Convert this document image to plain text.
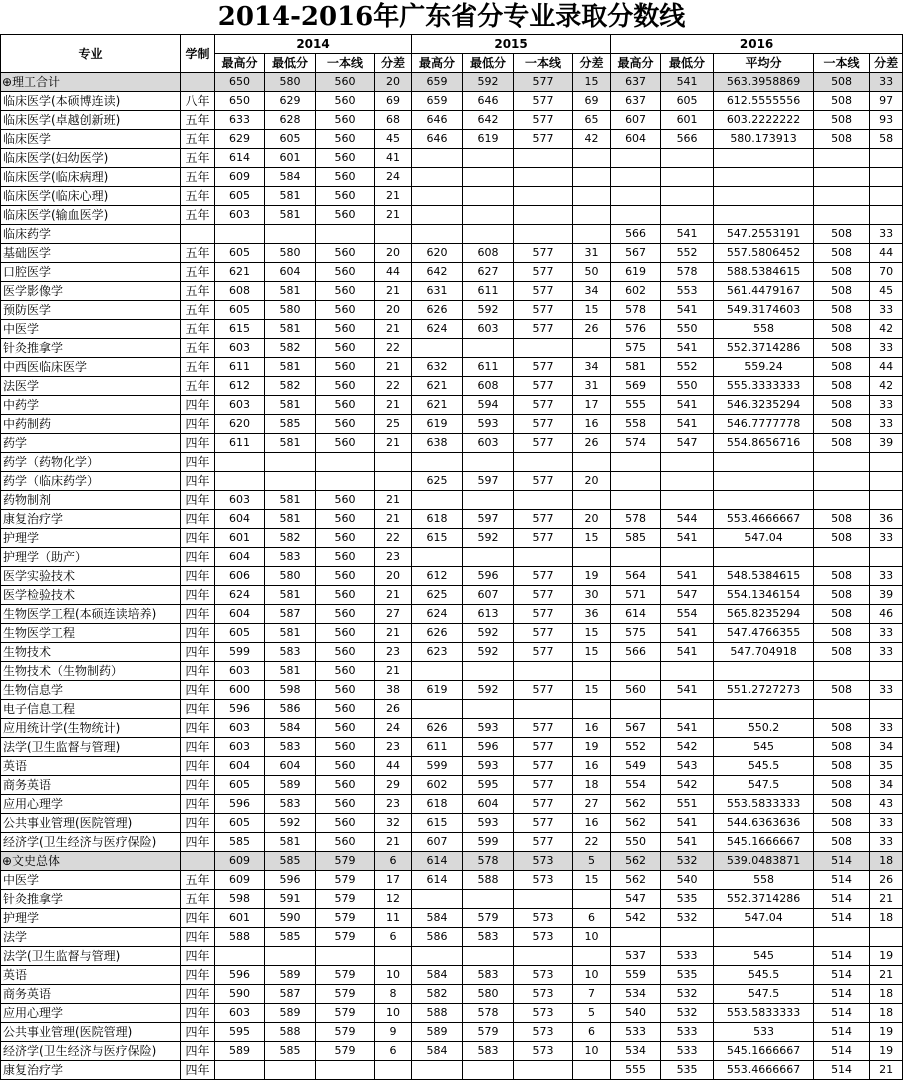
2014-2016年广东省分专业录取分数线
专业	学制	2014				2015				2016				
		最高分	最低分	一本线	分差	最高分	最低分	一本线	分差	最高分	最低分	平均分	一本线	分差
⊕理工合计		650	580	560	20	659	592	577	15	637	541	563.3958869	508	33
临床医学(本硕博连读)	八年	650	629	560	69	659	646	577	69	637	605	612.5555556	508	97
临床医学(卓越创新班)	五年	633	628	560	68	646	642	577	65	607	601	603.2222222	508	93
临床医学	五年	629	605	560	45	646	619	577	42	604	566	580.173913	508	58
临床医学(妇幼医学)	五年	614	601	560	41									
临床医学(临床病理)	五年	609	584	560	24									
临床医学(临床心理)	五年	605	581	560	21									
临床医学(输血医学)	五年	603	581	560	21									
临床药学										566	541	547.2553191	508	33
基础医学	五年	605	580	560	20	620	608	577	31	567	552	557.5806452	508	44
口腔医学	五年	621	604	560	44	642	627	577	50	619	578	588.5384615	508	70
医学影像学	五年	608	581	560	21	631	611	577	34	602	553	561.4479167	508	45
预防医学	五年	605	580	560	20	626	592	577	15	578	541	549.3174603	508	33
中医学	五年	615	581	560	21	624	603	577	26	576	550	558	508	42
针灸推拿学	五年	603	582	560	22					575	541	552.3714286	508	33
中西医临床医学	五年	611	581	560	21	632	611	577	34	581	552	559.24	508	44
法医学	五年	612	582	560	22	621	608	577	31	569	550	555.3333333	508	42
中药学	四年	603	581	560	21	621	594	577	17	555	541	546.3235294	508	33
中药制药	四年	620	585	560	25	619	593	577	16	558	541	546.7777778	508	33
药学	四年	611	581	560	21	638	603	577	26	574	547	554.8656716	508	39
药学（药物化学）	四年													
药学（临床药学）	四年					625	597	577	20					
药物制剂	四年	603	581	560	21									
康复治疗学	四年	604	581	560	21	618	597	577	20	578	544	553.4666667	508	36
护理学	四年	601	582	560	22	615	592	577	15	585	541	547.04	508	33
护理学（助产）	四年	604	583	560	23									
医学实验技术	四年	606	580	560	20	612	596	577	19	564	541	548.5384615	508	33
医学检验技术	四年	624	581	560	21	625	607	577	30	571	547	554.1346154	508	39
生物医学工程(本硕连读培养)	四年	604	587	560	27	624	613	577	36	614	554	565.8235294	508	46
生物医学工程	四年	605	581	560	21	626	592	577	15	575	541	547.4766355	508	33
生物技术	四年	599	583	560	23	623	592	577	15	566	541	547.704918	508	33
生物技术（生物制药）	四年	603	581	560	21									
生物信息学	四年	600	598	560	38	619	592	577	15	560	541	551.2727273	508	33
电子信息工程	四年	596	586	560	26									
应用统计学(生物统计)	四年	603	584	560	24	626	593	577	16	567	541	550.2	508	33
法学(卫生监督与管理)	四年	603	583	560	23	611	596	577	19	552	542	545	508	34
英语	四年	604	604	560	44	599	593	577	16	549	543	545.5	508	35
商务英语	四年	605	589	560	29	602	595	577	18	554	542	547.5	508	34
应用心理学	四年	596	583	560	23	618	604	577	27	562	551	553.5833333	508	43
公共事业管理(医院管理)	四年	605	592	560	32	615	593	577	16	562	541	544.6363636	508	33
经济学(卫生经济与医疗保险)	四年	585	581	560	21	607	599	577	22	550	541	545.1666667	508	33
⊕文史总体		609	585	579	6	614	578	573	5	562	532	539.0483871	514	18
中医学	五年	609	596	579	17	614	588	573	15	562	540	558	514	26
针灸推拿学	五年	598	591	579	12					547	535	552.3714286	514	21
护理学	四年	601	590	579	11	584	579	573	6	542	532	547.04	514	18
法学	四年	588	585	579	6	586	583	573	10					
法学(卫生监督与管理)	四年									537	533	545	514	19
英语	四年	596	589	579	10	584	583	573	10	559	535	545.5	514	21
商务英语	四年	590	587	579	8	582	580	573	7	534	532	547.5	514	18
应用心理学	四年	603	589	579	10	588	578	573	5	540	532	553.5833333	514	18
公共事业管理(医院管理)	四年	595	588	579	9	589	579	573	6	533	533	533	514	19
经济学(卫生经济与医疗保险)	四年	589	585	579	6	584	583	573	10	534	533	545.1666667	514	19
康复治疗学	四年									555	535	553.4666667	514	21
